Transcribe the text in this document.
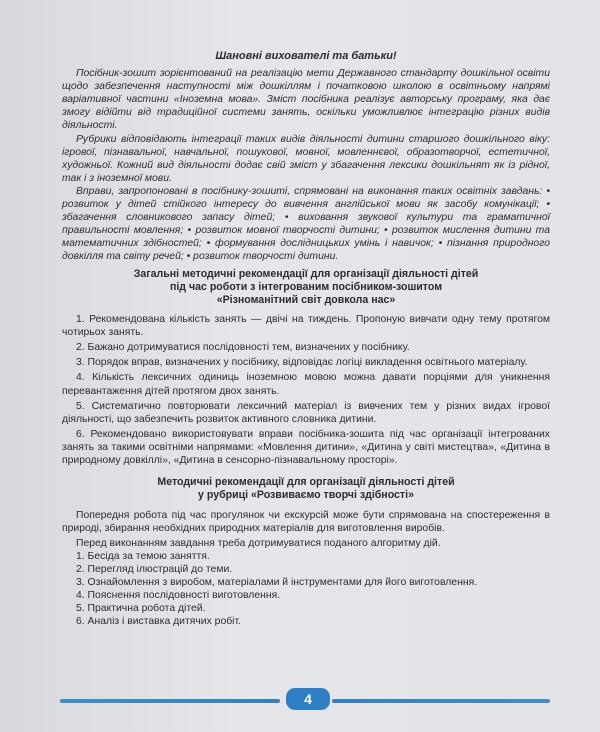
Шановні вихователі та батьки!

Посібник-зошит зорієнтований на реалізацію мети Державного стандарту дошкільної освіти щодо забезпечення наступності між дошкіллям і початковою школою в освітньому напрямі варіативної частини «Іноземна мова». Зміст посібника реалізує авторську програму, яка дає змогу відійти від традиційної системи занять, оскільки уможливлює інтеграцію різних видів діяльності.

Рубрики відповідають інтеграції таких видів діяльності дитини старшого дошкільного віку: ігрової, пізнавальної, навчальної, пошукової, мовної, мовленнєвої, образотворчої, естетичної, художньої. Кожний вид діяльності додає свій зміст у збагачення лексики дошкільнят як із рідної, так і з іноземної мови.

Вправи, запропоновані в посібнику-зошиті, спрямовані на виконання таких освітніх завдань: • розвиток у дітей стійкого інтересу до вивчення англійської мови як засобу комунікації; • збагачення словникового запасу дітей; • виховання звукової культури та граматичної правильності мовлення; • розвиток мовної творчості дитини; • розвиток мислення дитини та математичних здібностей; • формування дослідницьких умінь і навичок; • пізнання природного довкілля та світу речей; • розвиток творчості дитини.

Загальні методичні рекомендації для організації діяльності дітей
під час роботи з інтегрованим посібником-зошитом
«Різноманітний світ довкола нас»

1. Рекомендована кількість занять — двічі на тиждень. Пропоную вивчати одну тему протягом чотирьох занять.

2. Бажано дотримуватися послідовності тем, визначених у посібнику.

3. Порядок вправ, визначених у посібнику, відповідає логіці викладення освітнього матеріалу.

4. Кількість лексичних одиниць іноземною мовою можна давати порціями для уникнення перевантаження дітей протягом двох занять.

5. Систематично повторювати лексичний матеріал із вивчених тем у різних видах ігрової діяльності, що забезпечить розвиток активного словника дитини.

6. Рекомендовано використовувати вправи посібника-зошита під час організації інтегрованих занять за такими освітніми напрямами: «Мовлення дитини», «Дитина у світі мистецтва», «Дитина в природному довкіллі», «Дитина в сенсорно-пізнавальному просторі».

Методичні рекомендації для організації діяльності дітей
у рубриці «Розвиваємо творчі здібності»

Попередня робота під час прогулянок чи екскурсій може бути спрямована на спостереження в природі, збирання необхідних природних матеріалів для виготовлення виробів.

Перед виконанням завдання треба дотримуватися поданого алгоритму дій.

1. Бесіда за темою заняття.

2. Перегляд ілюстрацій до теми.

3. Ознайомлення з виробом, матеріалами й інструментами для його виготовлення.

4. Пояснення послідовності виготовлення.

5. Практична робота дітей.

6. Аналіз і виставка дитячих робіт.

4
